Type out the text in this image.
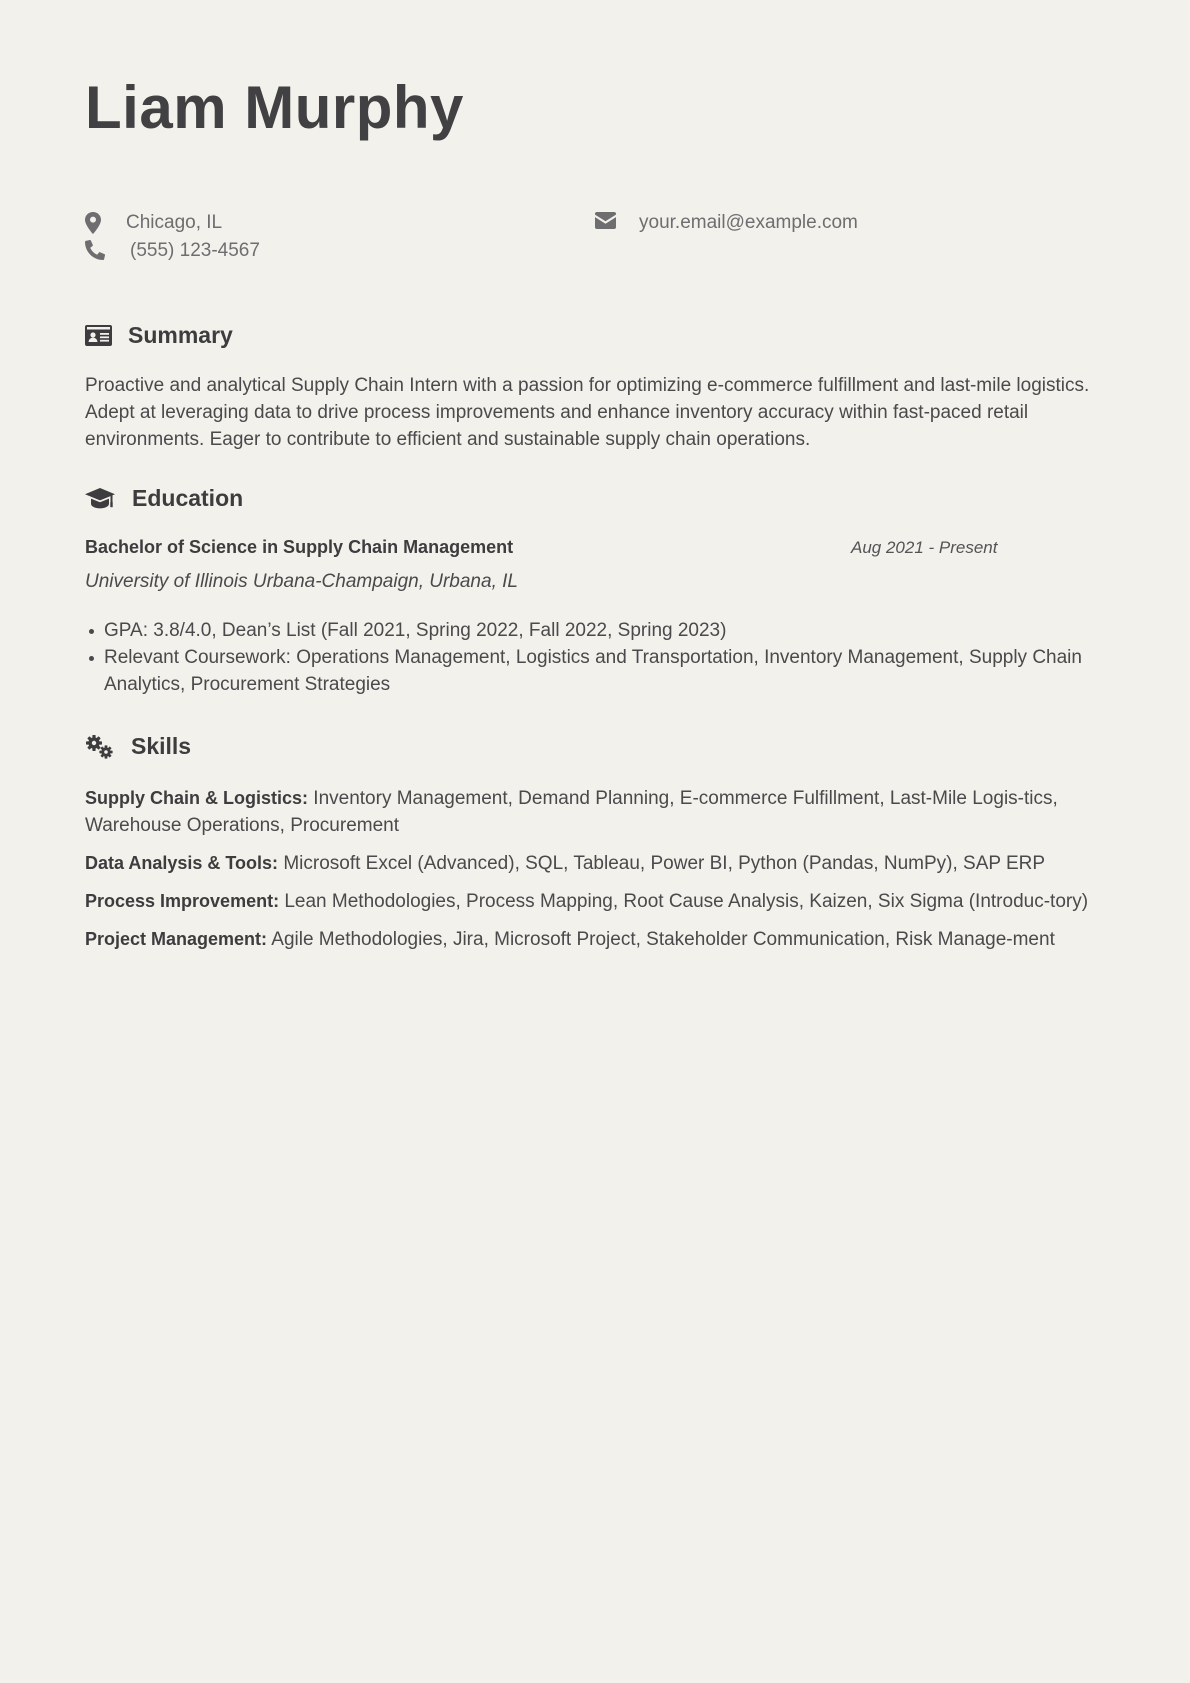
Liam Murphy
Chicago, IL
(555) 123-4567
your.email@example.com
Summary

Proactive and analytical Supply Chain Intern with a passion for optimizing e-commerce fulfillment and last-mile logistics. Adept at leveraging data to drive process improvements and enhance inventory accuracy within fast-paced retail environments. Eager to contribute to efficient and sustainable supply chain operations.

Education
Bachelor of Science in Supply Chain Management	Aug 2021 - Present
University of Illinois Urbana-Champaign, Urbana, IL
GPA: 3.8/4.0, Dean’s List (Fall 2021, Spring 2022, Fall 2022, Spring 2023)
Relevant Coursework: Operations Management, Logistics and Transportation, Inventory Management, Supply Chain Analytics, Procurement Strategies
Skills

Supply Chain & Logistics: Inventory Management, Demand Planning, E-commerce Fulfillment, Last-Mile Logis-tics, Warehouse Operations, Procurement

Data Analysis & Tools: Microsoft Excel (Advanced), SQL, Tableau, Power BI, Python (Pandas, NumPy), SAP ERP

Process Improvement: Lean Methodologies, Process Mapping, Root Cause Analysis, Kaizen, Six Sigma (Introduc-tory)

Project Management: Agile Methodologies, Jira, Microsoft Project, Stakeholder Communication, Risk Manage-ment
